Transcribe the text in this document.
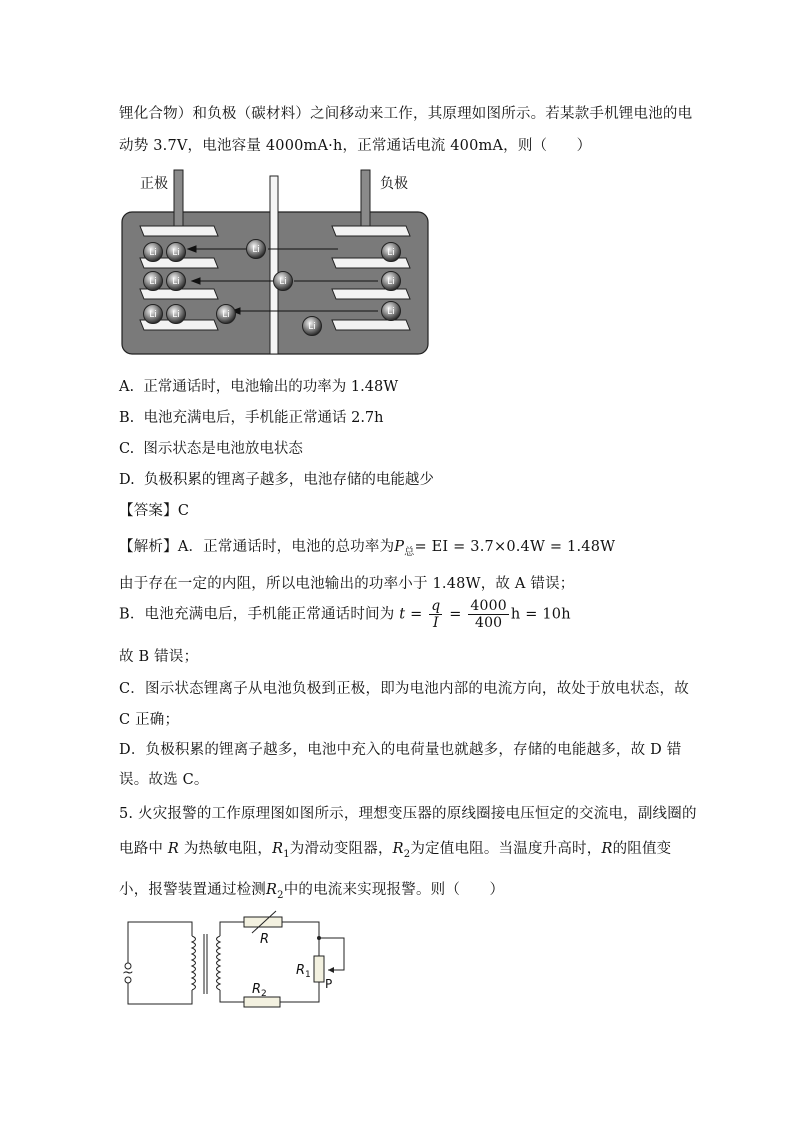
锂化合物）和负极（碳材料）之间移动来工作，其原理如图所示。若某款手机锂电池的电
动势 3.7V，电池容量 4000mA·h，正常通话电流 400mA，则（　　）
正极	负极
Li Li	Li	Li
Li Li	Li	Li
Li Li	Li	Li
Li
A. 正常通话时，电池输出的功率为 1.48W
B. 电池充满电后，手机能正常通话 2.7h
C. 图示状态是电池放电状态
D. 负极积累的锂离子越多，电池存储的电能越少
【答案】C
【解析】A．正常通话时，电池的总功率为$P_总=$ EI = 3.7×0.4W = 1.48W
由于存在一定的内阻，所以电池输出的功率小于 1.48W，故 A 错误；
B．电池充满电后，手机能正常通话时间为 $t = \frac{q}{I} = \frac{4000}{400}$ h = 10h
故 B 错误；
C．图示状态锂离子从电池负极到正极，即为电池内部的电流方向，故处于放电状态，故
C 正确；
D．负极积累的锂离子越多，电池中充入的电荷量也就越多，存储的电能越多，故 D 错
误。故选 C。
5. 火灾报警的工作原理图如图所示，理想变压器的原线圈接电压恒定的交流电，副线圈的
电路中 R 为热敏电阻，$R_1$为滑动变阻器，$R_2$为定值电阻。当温度升高时，R的阻值变
小，报警装置通过检测$R_2$中的电流来实现报警。则（　　）
~
R
R 1
P
R 2
